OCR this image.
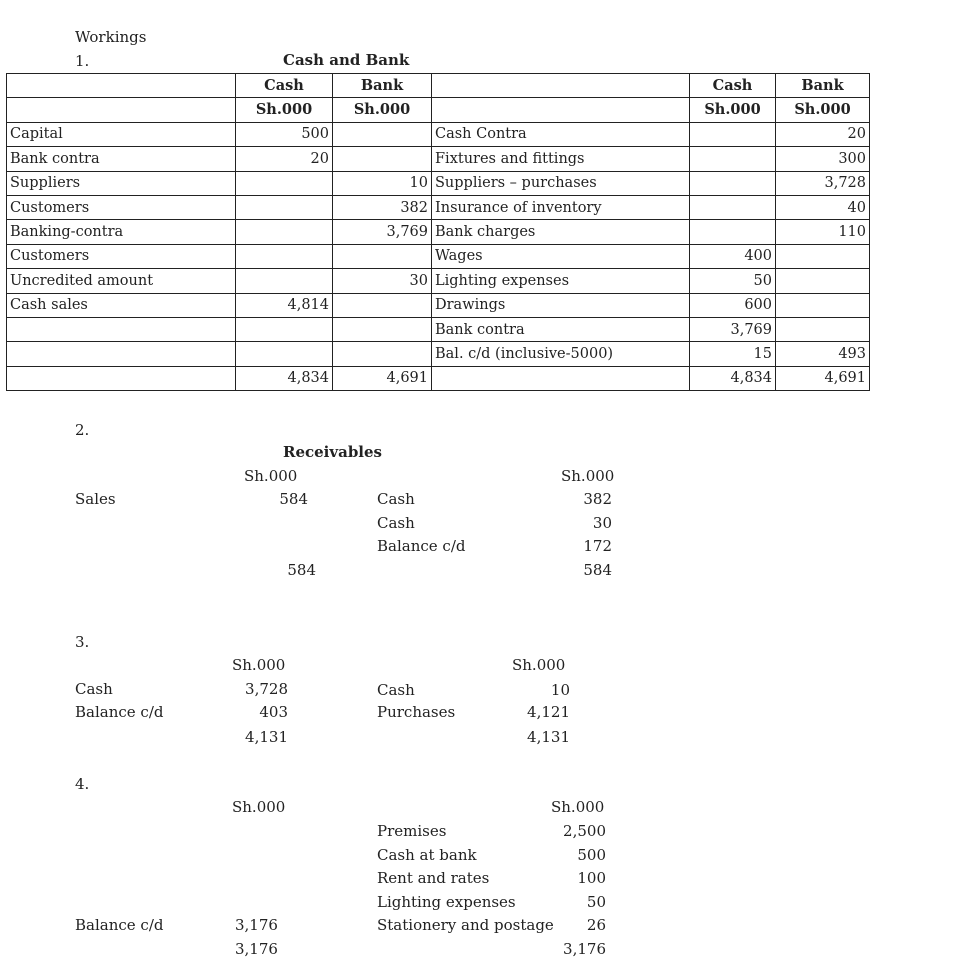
Workings
1.	Cash and Bank
	Cash	Bank		Cash	Bank
	Sh.000	Sh.000		Sh.000	Sh.000
Capital	500		Cash Contra		20
Bank contra	20		Fixtures and fittings		300
Suppliers		10	Suppliers – purchases		3,728
Customers		382	Insurance of inventory		40
Banking-contra		3,769	Bank charges		110
Customers			Wages	400	
Uncredited amount		30	Lighting expenses	50	
Cash sales	4,814		Drawings	600	
			Bank contra	3,769	
			Bal. c/d (inclusive-5000)	15	493
	4,834	4,691		4,834	4,691
2.
Receivables
Sh.000	Sh.000
Sales	584	Cash	382
Cash	30
Balance c/d	172
584	584
3.
Sh.000	Sh.000
Cash	3,728
Balance c/d	403
4,131
Cash	10
Purchases	4,121
4,131
4.
Sh.000	Sh.000
Premises	2,500
Cash at bank	500
Rent and rates	100
Lighting expenses	50
Stationery and postage	26
Balance c/d	3,176
3,176	3,176
